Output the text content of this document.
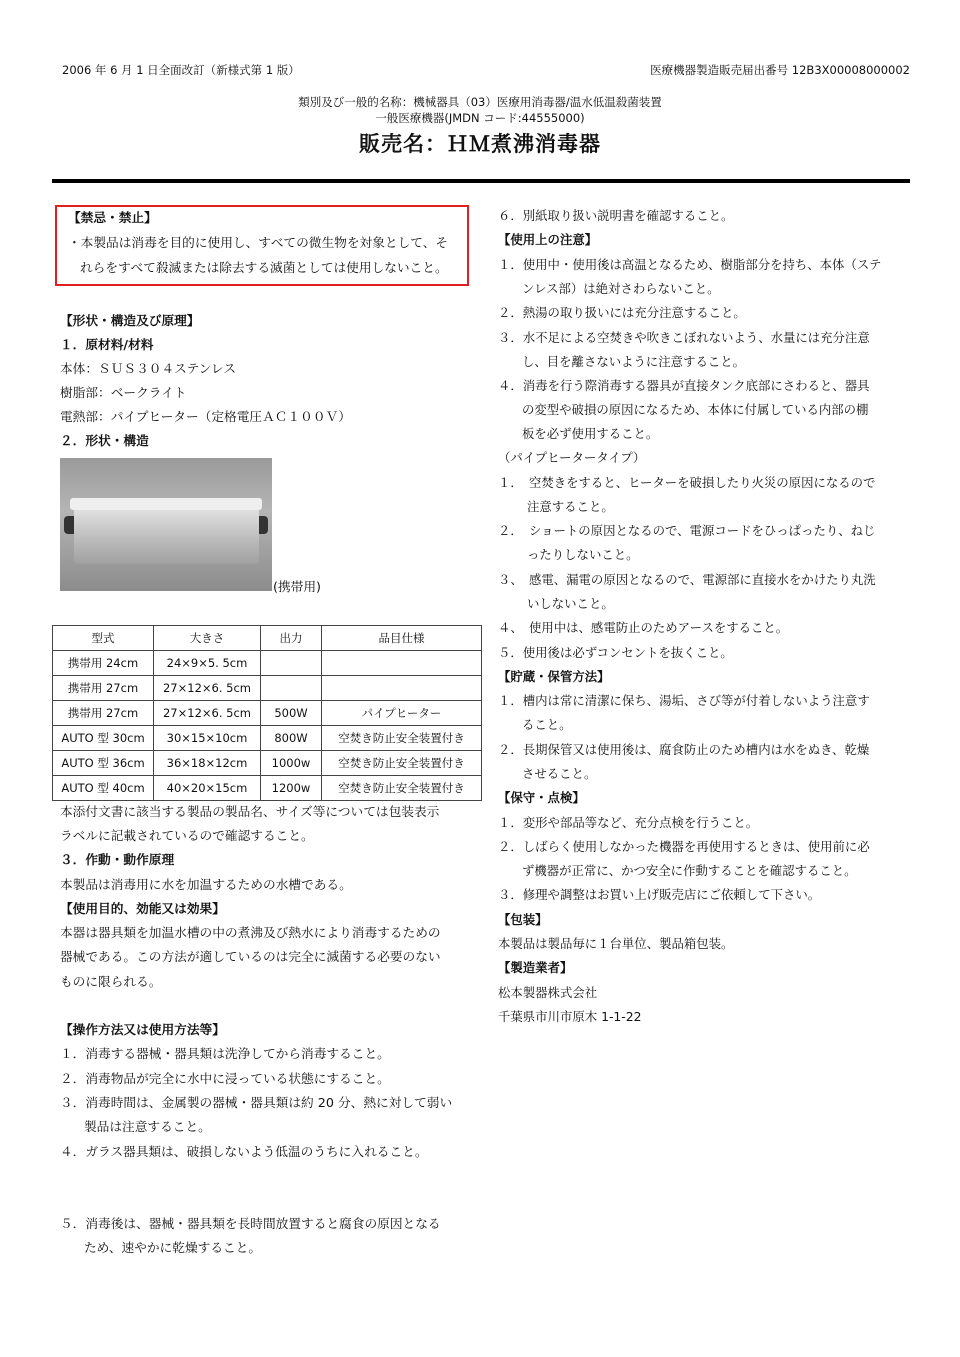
2006 年 6 月 1 日全面改訂（新様式第 1 版）	医療機器製造販売届出番号 12B3X00008000002
類別及び一般的名称：機械器具（03）医療用消毒器/温水低温殺菌装置
一般医療機器(JMDN コード:44555000)
販売名：ＨＭ煮沸消毒器
(携帯用)
型式	大きさ	出力	品目仕様
携帯用 24cm	24×9×5. 5cm		
携帯用 27cm	27×12×6. 5cm		
携帯用 27cm	27×12×6. 5cm	500W	パイプヒーター
AUTO 型 30cm	30×15×10cm	800W	空焚き防止安全装置付き
AUTO 型 36cm	36×18×12cm	1000w	空焚き防止安全装置付き
AUTO 型 40cm	40×20×15cm	1200w	空焚き防止安全装置付き
【禁忌・禁止】
・本製品は消毒を目的に使用し、すべての微生物を対象として、そ
れらをすべて殺滅または除去する滅菌としては使用しないこと。
【形状・構造及び原理】
１．原材料/材料
本体：ＳＵＳ３０４ステンレス
樹脂部：ベークライト
電熱部：パイプヒーター（定格電圧ＡＣ１００Ｖ）
２．形状・構造
本添付文書に該当する製品の製品名、サイズ等については包装表示
ラベルに記載されているので確認すること。
３．作動・動作原理
本製品は消毒用に水を加温するための水槽である。
【使用目的、効能又は効果】
本器は器具類を加温水槽の中の煮沸及び熱水により消毒するための
器械である。この方法が適しているのは完全に滅菌する必要のない
ものに限られる。
【操作方法又は使用方法等】
１．消毒する器械・器具類は洗浄してから消毒すること。
２．消毒物品が完全に水中に浸っている状態にすること。
３．消毒時間は、金属製の器械・器具類は約 20 分、熱に対して弱い
製品は注意すること。
４．ガラス器具類は、破損しないよう低温のうちに入れること。
５．消毒後は、器械・器具類を長時間放置すると腐食の原因となる
ため、速やかに乾燥すること。
６．別紙取り扱い説明書を確認すること。
【使用上の注意】
１．使用中・使用後は高温となるため、樹脂部分を持ち、本体（ステ
ンレス部）は絶対さわらないこと。
２．熱湯の取り扱いには充分注意すること。
３．水不足による空焚きや吹きこぼれないよう、水量には充分注意
し、目を離さないように注意すること。
４．消毒を行う際消毒する器具が直接タンク底部にさわると、器具
の変型や破損の原因になるため、本体に付属している内部の棚
板を必ず使用すること。
（パイプヒータータイプ）
１．　空焚きをすると、ヒーターを破損したり火災の原因になるので
注意すること。
２．　ショートの原因となるので、電源コードをひっぱったり、ねじ
ったりしないこと。
３、　感電、漏電の原因となるので、電源部に直接水をかけたり丸洗
いしないこと。
４、　使用中は、感電防止のためアースをすること。
５．使用後は必ずコンセントを抜くこと。
【貯蔵・保管方法】
１．槽内は常に清潔に保ち、湯垢、さび等が付着しないよう注意す
ること。
２．長期保管又は使用後は、腐食防止のため槽内は水をぬき、乾燥
させること。
【保守・点検】
１．変形や部品等など、充分点検を行うこと。
２．しばらく使用しなかった機器を再使用するときは、使用前に必
ず機器が正常に、かつ安全に作動することを確認すること。
３．修理や調整はお買い上げ販売店にご依頼して下さい。
【包装】
本製品は製品毎に１台単位、製品箱包装。
【製造業者】
松本製器株式会社
千葉県市川市原木 1-1-22
